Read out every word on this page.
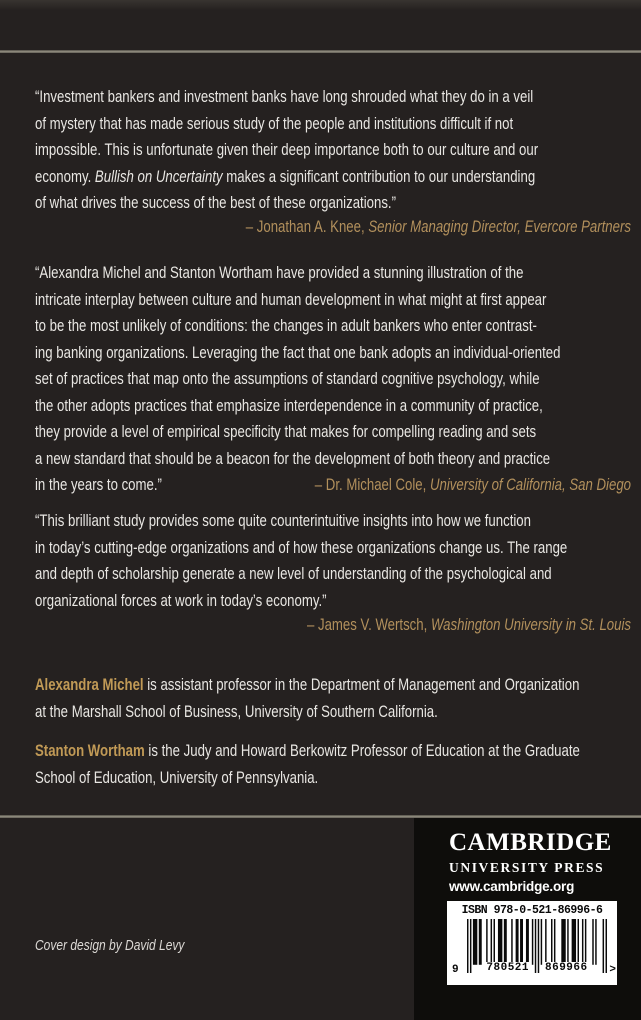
“Investment bankers and investment banks have long shrouded what they do in a veil
of mystery that has made serious study of the people and institutions difficult if not
impossible. This is unfortunate given their deep importance both to our culture and our
economy. Bullish on Uncertainty makes a significant contribution to our understanding
of what drives the success of the best of these organizations.”
– Jonathan A. Knee, Senior Managing Director, Evercore Partners
“Alexandra Michel and Stanton Wortham have provided a stunning illustration of the
intricate interplay between culture and human development in what might at first appear
to be the most unlikely of conditions: the changes in adult bankers who enter contrast-
ing banking organizations. Leveraging the fact that one bank adopts an individual-oriented
set of practices that map onto the assumptions of standard cognitive psychology, while
the other adopts practices that emphasize interdependence in a community of practice,
they provide a level of empirical specificity that makes for compelling reading and sets
a new standard that should be a beacon for the development of both theory and practice
in the years to come.”	– Dr. Michael Cole, University of California, San Diego
“This brilliant study provides some quite counterintuitive insights into how we function
in today’s cutting-edge organizations and of how these organizations change us. The range
and depth of scholarship generate a new level of understanding of the psychological and
organizational forces at work in today’s economy.”
– James V. Wertsch, Washington University in St. Louis
Alexandra Michel is assistant professor in the Department of Management and Organization
at the Marshall School of Business, University of Southern California.
Stanton Wortham is the Judy and Howard Berkowitz Professor of Education at the Graduate
School of Education, University of Pennsylvania.
Cover design by David Levy
CAMBRIDGE
UNIVERSITY PRESS
www.cambridge.org
ISBN 978-0-521-86996-6
780521 869966
9	>
